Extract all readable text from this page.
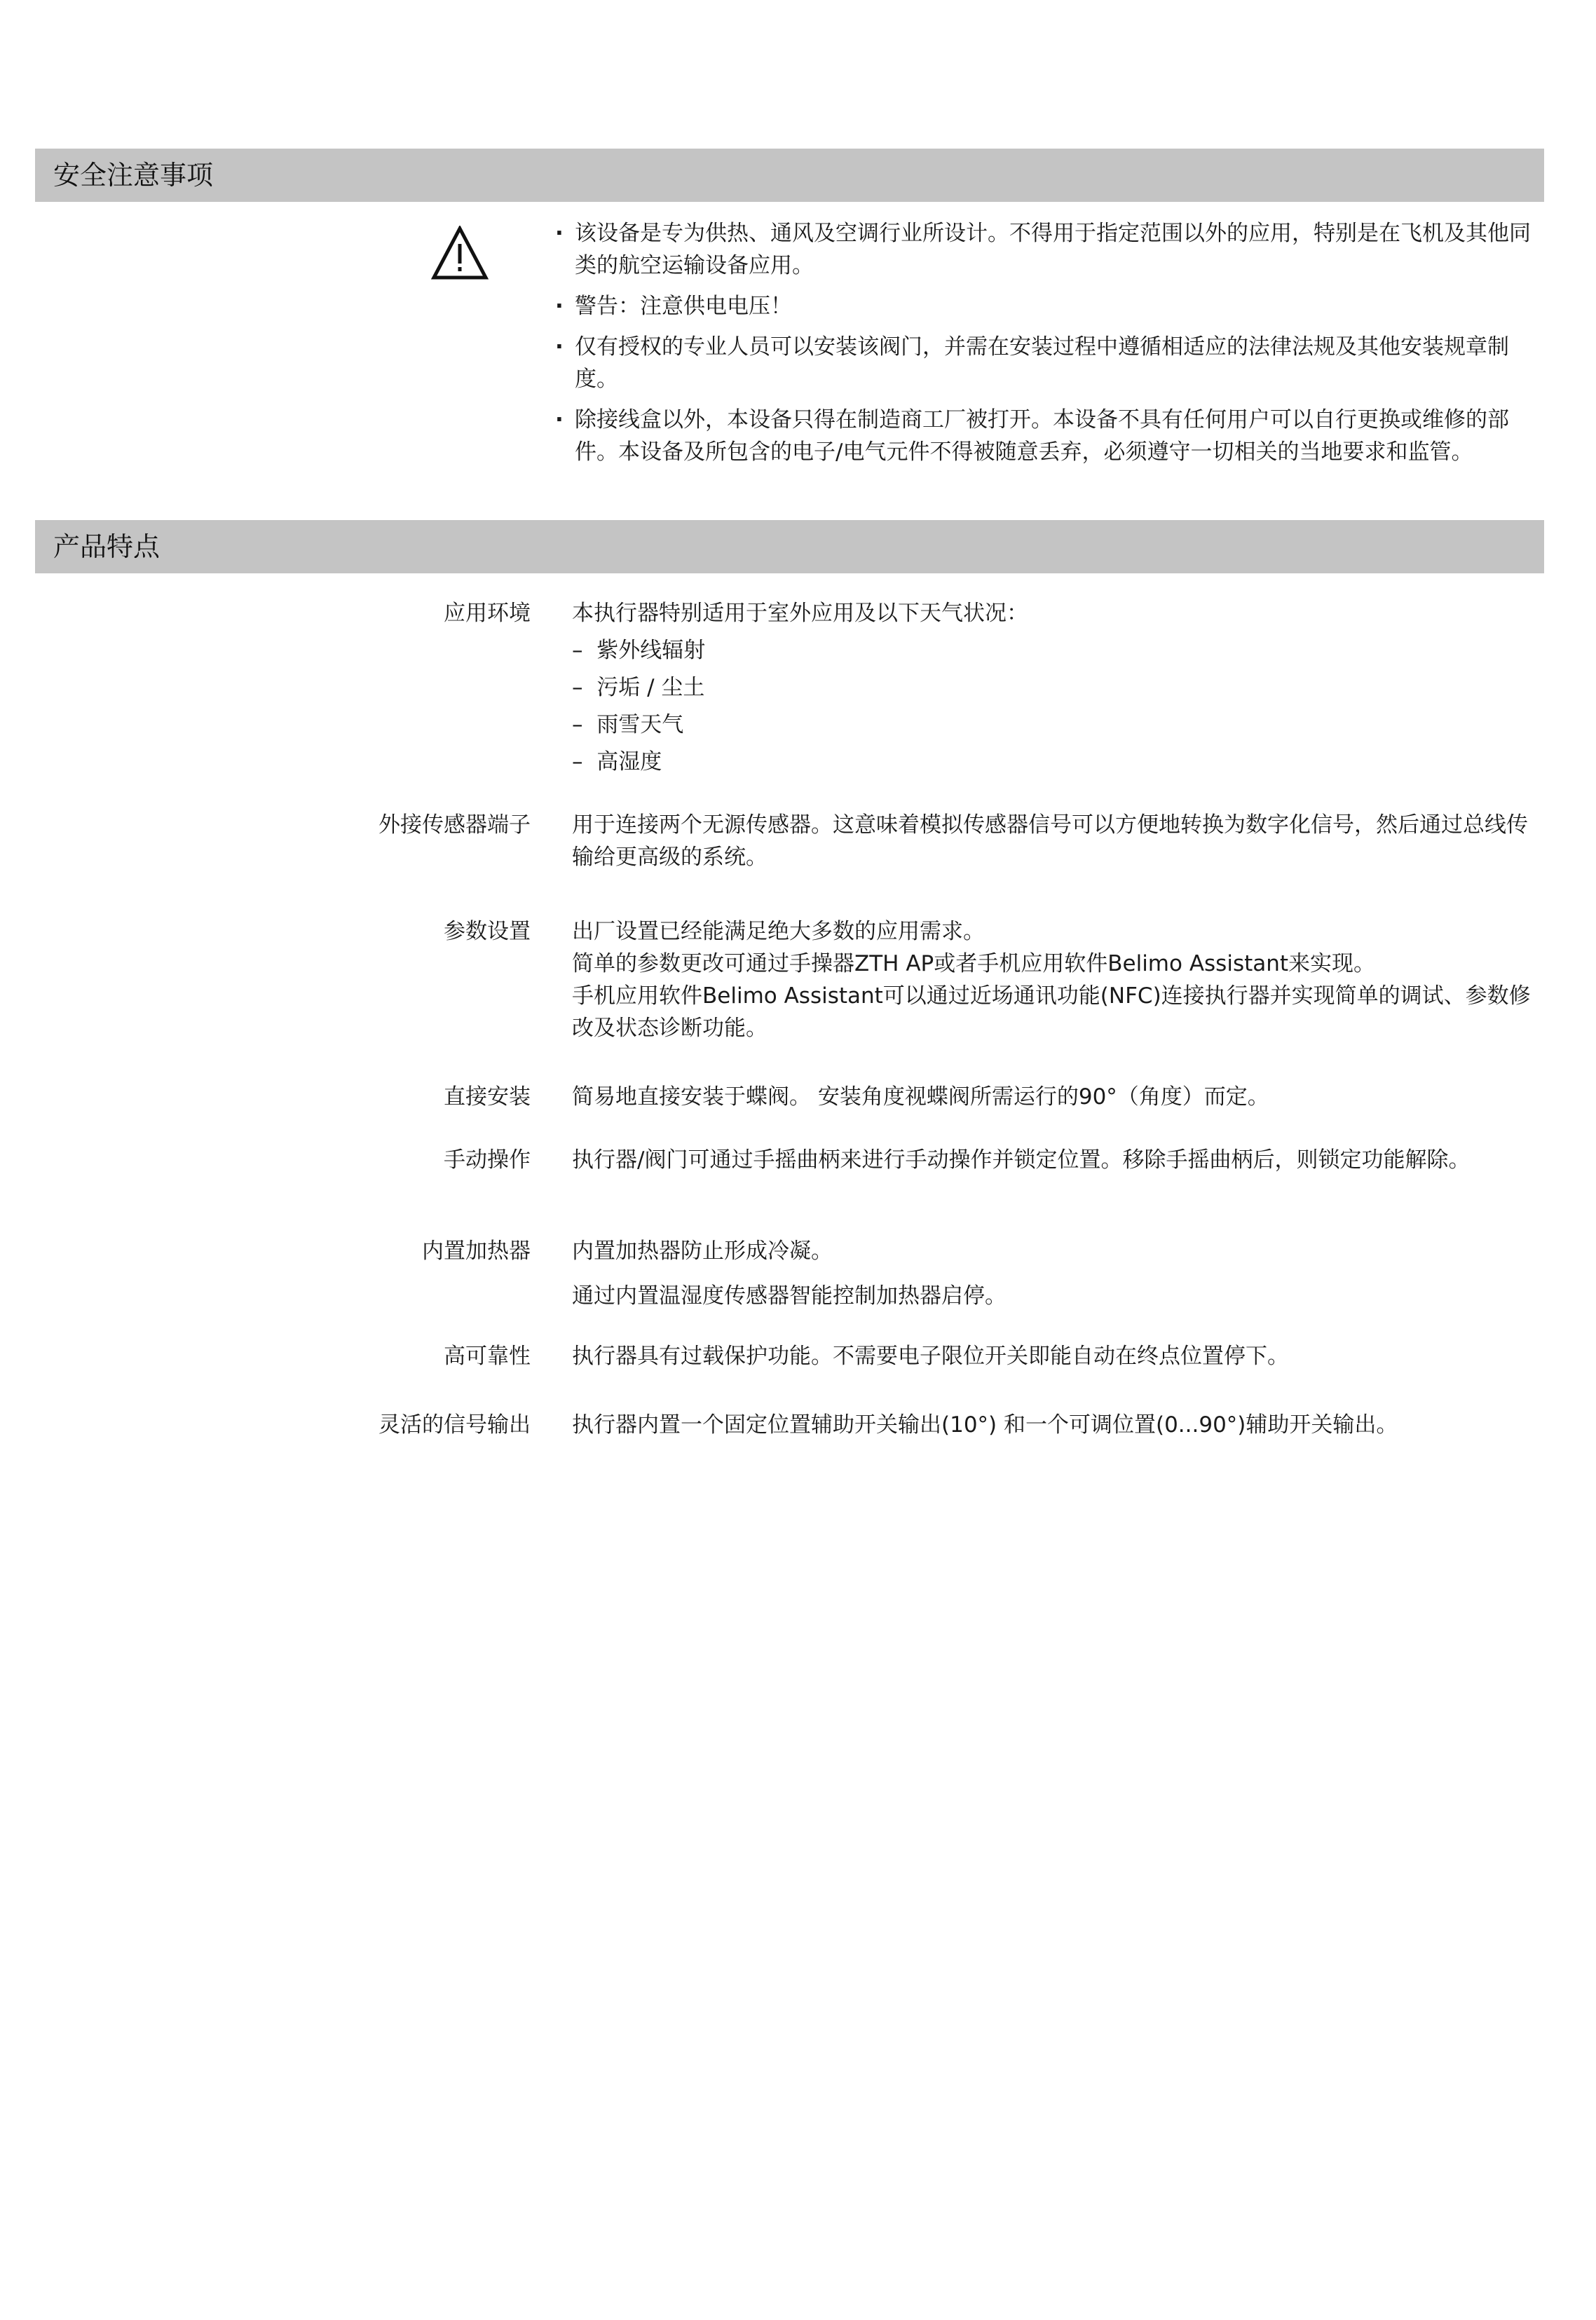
安全注意事项
· 该设备是专为供热、通风及空调行业所设计。不得用于指定范围以外的应用，特别是在飞机及其他同类的航空运输设备应用。
· 警告：注意供电电压！
· 仅有授权的专业人员可以安装该阀门，并需在安装过程中遵循相适应的法律法规及其他安装规章制度。
· 除接线盒以外，本设备只得在制造商工厂被打开。本设备不具有任何用户可以自行更换或维修的部件。本设备及所包含的电子/电气元件不得被随意丢弃，必须遵守一切相关的当地要求和监管。
产品特点
应用环境 本执行器特别适用于室外应用及以下天气状况：

–  紫外线辐射
–  污垢 / 尘土
–  雨雪天气
–  高湿度
外接传感器端子 用于连接两个无源传感器。这意味着模拟传感器信号可以方便地转换为数字化信号，然后通过总线传输给更高级的系统。

参数设置 出厂设置已经能满足绝大多数的应用需求。

简单的参数更改可通过手操器ZTH AP或者手机应用软件Belimo Assistant来实现。

手机应用软件Belimo Assistant可以通过近场通讯功能(NFC)连接执行器并实现简单的调试、参数修改及状态诊断功能。

直接安装 简易地直接安装于蝶阀。 安装角度视蝶阀所需运行的90°（角度）而定。

手动操作 执行器/阀门可通过手摇曲柄来进行手动操作并锁定位置。移除手摇曲柄后，则锁定功能解除。

内置加热器 内置加热器防止形成冷凝。

通过内置温湿度传感器智能控制加热器启停。

高可靠性 执行器具有过载保护功能。不需要电子限位开关即能自动在终点位置停下。

灵活的信号输出 执行器内置一个固定位置辅助开关输出(10°) 和一个可调位置(0...90°)辅助开关输出。
